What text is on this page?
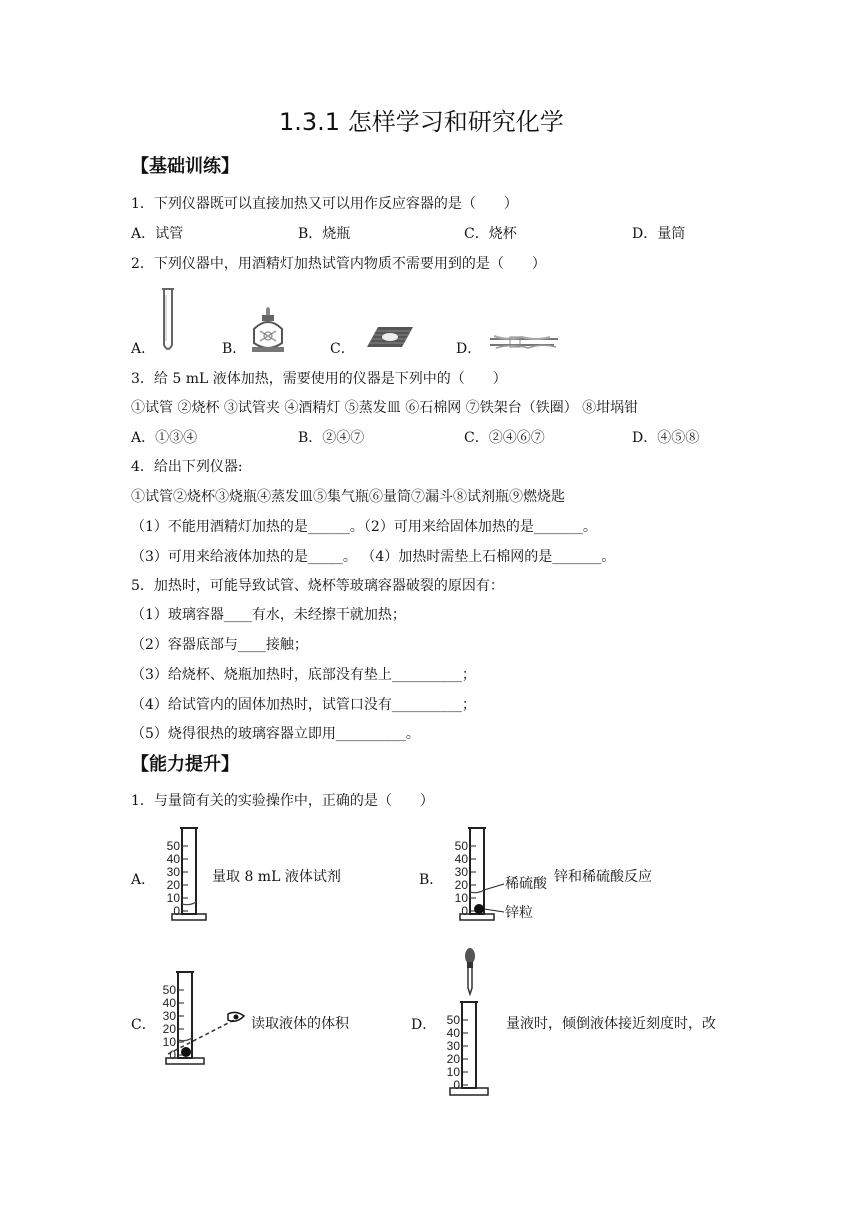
1.3.1 怎样学习和研究化学
【基础训练】
1．下列仪器既可以直接加热又可以用作反应容器的是（　　）
A．试管	B．烧瓶	C．烧杯	D．量筒
2．下列仪器中，用酒精灯加热试管内物质不需要用到的是（　　）
A．	B．	C．	D．
3．给 5 mL 液体加热，需要使用的仪器是下列中的（　　）
①试管 ②烧杯 ③试管夹 ④酒精灯 ⑤蒸发皿 ⑥石棉网 ⑦铁架台（铁圈） ⑧坩埚钳
A．①③④	B．②④⑦	C．②④⑥⑦	D．④⑤⑧
4．给出下列仪器:
①试管②烧杯③烧瓶④蒸发皿⑤集气瓶⑥量筒⑦漏斗⑧试剂瓶⑨燃烧匙
（1）不能用酒精灯加热的是______。（2）可用来给固体加热的是_______。
（3）可用来给液体加热的是_____。 （4）加热时需垫上石棉网的是_______。
5．加热时，可能导致试管、烧杯等玻璃容器破裂的原因有：
（1）玻璃容器____有水，未经擦干就加热；
（2）容器底部与____接触；
（3）给烧杯、烧瓶加热时，底部没有垫上__________；
（4）给试管内的固体加热时，试管口没有__________；
（5）烧得很热的玻璃容器立即用__________。
【能力提升】
1．与量筒有关的实验操作中，正确的是（　　）
A．	量取 8 mL 液体试剂	B．	锌和稀硫酸反应
C．	读取液体的体积	D．	量液时，倾倒液体接近刻度时，改
50
40
30
20
10
0
50
40
30
20
10
0
稀硫酸
锌粒
50
40
30
20
10
0
50
40
30
20
10
0
